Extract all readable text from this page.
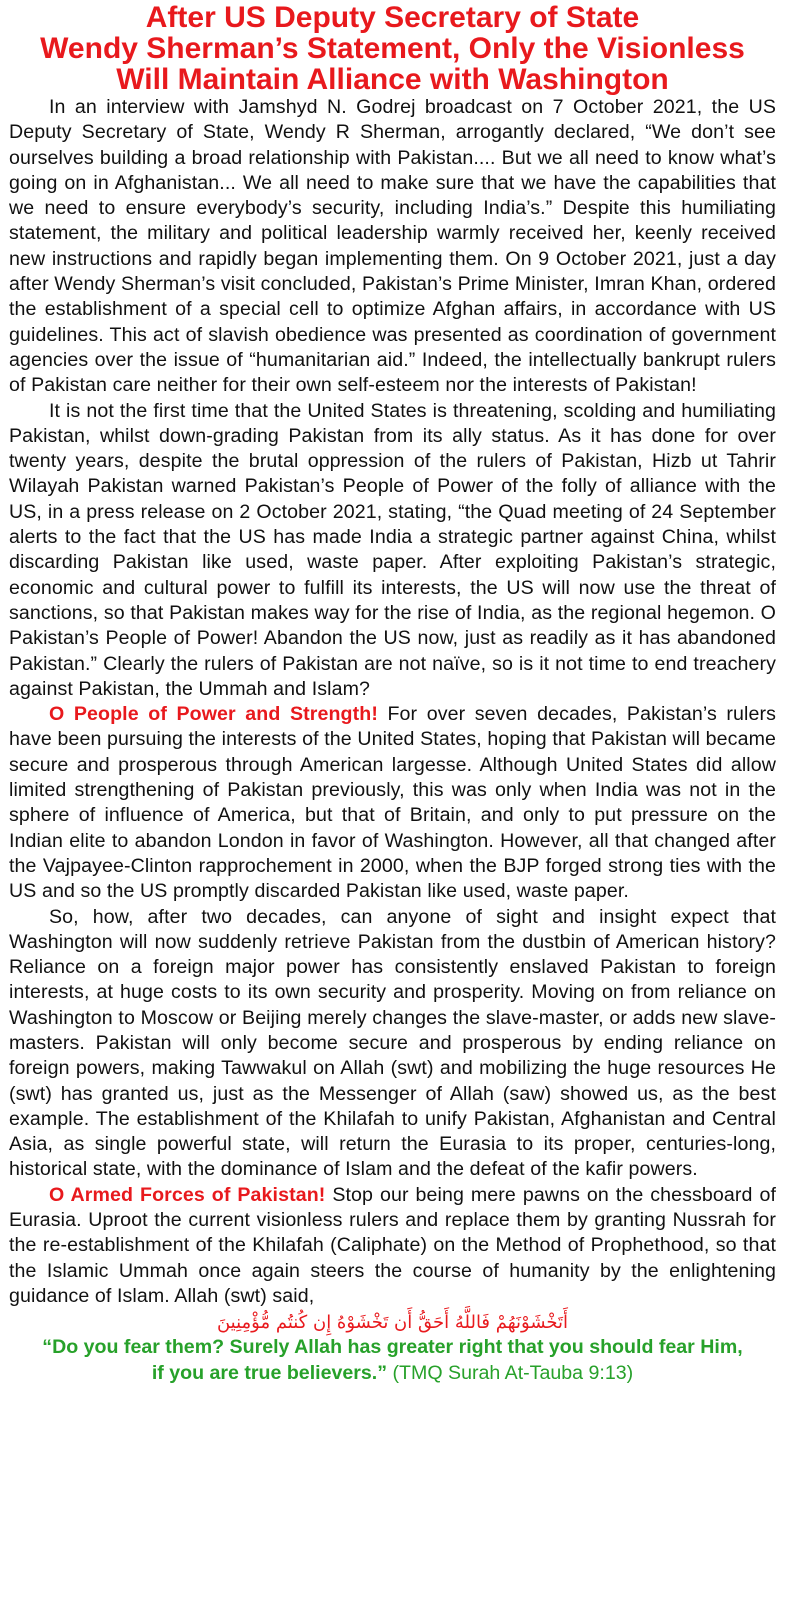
After US Deputy Secretary of State
Wendy Sherman’s Statement, Only the Visionless
Will Maintain Alliance with Washington

In an interview with Jamshyd N. Godrej broadcast on 7 October 2021, the US Deputy Secretary of State, Wendy R Sherman, arrogantly declared, “We don’t see ourselves building a broad relationship with Pakistan.... But we all need to know what’s going on in Afghanistan... We all need to make sure that we have the capabilities that we need to ensure everybody’s security, including India’s.” Despite this humiliating statement, the military and political leadership warmly received her, keenly received new instructions and rapidly began implementing them. On 9 October 2021, just a day after Wendy Sherman’s visit concluded, Pakistan’s Prime Minister, Imran Khan, ordered the establishment of a special cell to optimize Afghan affairs, in accordance with US guidelines. This act of slavish obedience was presented as coordination of government agencies over the issue of “humanitarian aid.” Indeed, the intellectually bankrupt rulers of Pakistan care neither for their own self-esteem nor the interests of Pakistan!

It is not the first time that the United States is threatening, scolding and humiliating Pakistan, whilst down-grading Pakistan from its ally status. As it has done for over twenty years, despite the brutal oppression of the rulers of Pakistan, Hizb ut Tahrir Wilayah Pakistan warned Pakistan’s People of Power of the folly of alliance with the US, in a press release on 2 October 2021, stating, “the Quad meeting of 24 September alerts to the fact that the US has made India a strategic partner against China, whilst discarding Pakistan like used, waste paper. After exploiting Pakistan’s strategic, economic and cultural power to fulfill its interests, the US will now use the threat of sanctions, so that Pakistan makes way for the rise of India, as the regional hegemon. O Pakistan’s People of Power! Abandon the US now, just as readily as it has abandoned Pakistan.” Clearly the rulers of Pakistan are not naïve, so is it not time to end treachery against Pakistan, the Ummah and Islam?

O People of Power and Strength! For over seven decades, Pakistan’s rulers have been pursuing the interests of the United States, hoping that Pakistan will became secure and prosperous through American largesse. Although United States did allow limited strengthening of Pakistan previously, this was only when India was not in the sphere of influence of America, but that of Britain, and only to put pressure on the Indian elite to abandon London in favor of Washington. However, all that changed after the Vajpayee-Clinton rapprochement in 2000, when the BJP forged strong ties with the US and so the US promptly discarded Pakistan like used, waste paper.

So, how, after two decades, can anyone of sight and insight expect that Washington will now suddenly retrieve Pakistan from the dustbin of American history? Reliance on a foreign major power has consistently enslaved Pakistan to foreign interests, at huge costs to its own security and prosperity. Moving on from reliance on Washington to Moscow or Beijing merely changes the slave-master, or adds new slave-masters. Pakistan will only become secure and prosperous by ending reliance on foreign powers, making Tawwakul on Allah (swt) and mobilizing the huge resources He (swt) has granted us, just as the Messenger of Allah (saw) showed us, as the best example. The establishment of the Khilafah to unify Pakistan, Afghanistan and Central Asia, as single powerful state, will return the Eurasia to its proper, centuries-long, historical state, with the dominance of Islam and the defeat of the kafir powers.

O Armed Forces of Pakistan! Stop our being mere pawns on the chessboard of Eurasia. Uproot the current visionless rulers and replace them by granting Nussrah for the re-establishment of the Khilafah (Caliphate) on the Method of Prophethood, so that the Islamic Ummah once again steers the course of humanity by the enlightening guidance of Islam. Allah (swt) said,

أَتَخْشَوْنَهُمْ فَاللَّهُ أَحَقُّ أَن تَخْشَوْهُ إِن كُنتُم مُّؤْمِنِينَ
“Do you fear them? Surely Allah has greater right that you should fear Him,
if you are true believers.” (TMQ Surah At-Tauba 9:13)
